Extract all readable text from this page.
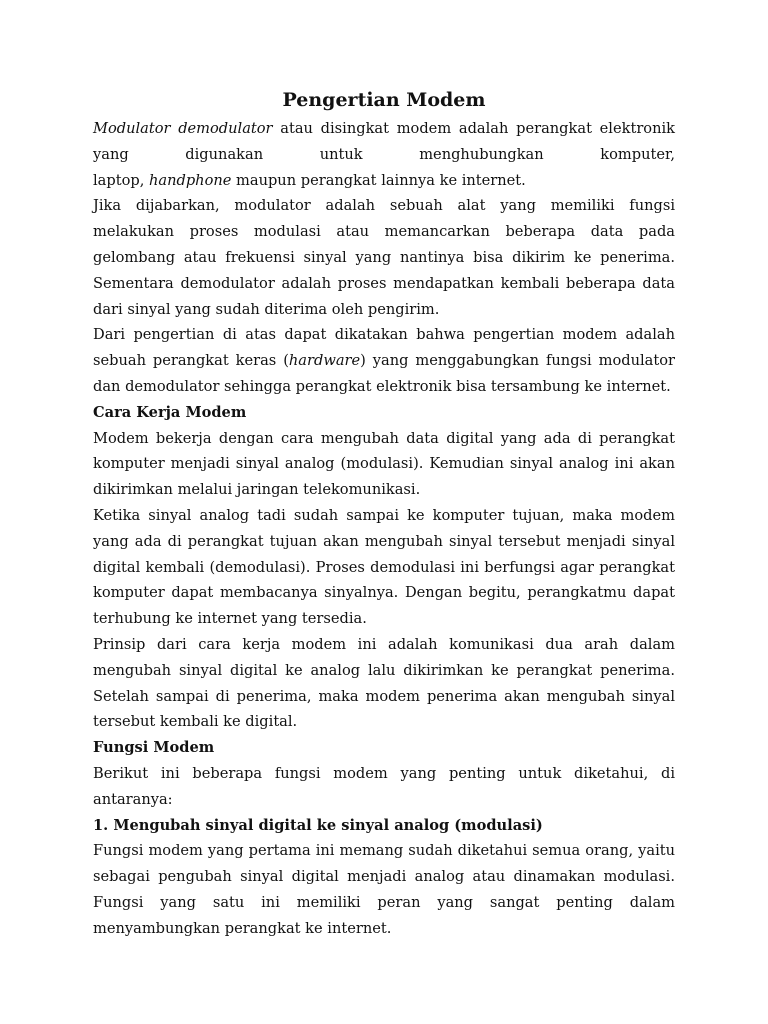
Pengertian Modem
Modulator demodulator atau disingkat modem adalah perangkat elektronik yang digunakan untuk menghubungkan komputer,
laptop, handphone maupun perangkat lainnya ke internet.

Jika dijabarkan, modulator adalah sebuah alat yang memiliki fungsi melakukan proses modulasi atau memancarkan beberapa data pada gelombang atau frekuensi sinyal yang nantinya bisa dikirim ke penerima. Sementara demodulator adalah proses mendapatkan kembali beberapa data dari sinyal yang sudah diterima oleh pengirim.

Dari pengertian di atas dapat dikatakan bahwa pengertian modem adalah sebuah perangkat keras (hardware) yang menggabungkan fungsi modulator dan demodulator sehingga perangkat elektronik bisa tersambung ke internet.

Cara Kerja Modem

Modem bekerja dengan cara mengubah data digital yang ada di perangkat komputer menjadi sinyal analog (modulasi). Kemudian sinyal analog ini akan dikirimkan melalui jaringan telekomunikasi.

Ketika sinyal analog tadi sudah sampai ke komputer tujuan, maka modem yang ada di perangkat tujuan akan mengubah sinyal tersebut menjadi sinyal digital kembali (demodulasi). Proses demodulasi ini berfungsi agar perangkat komputer dapat membacanya sinyalnya. Dengan begitu, perangkatmu dapat terhubung ke internet yang tersedia.

Prinsip dari cara kerja modem ini adalah komunikasi dua arah dalam mengubah sinyal digital ke analog lalu dikirimkan ke perangkat penerima. Setelah sampai di penerima, maka modem penerima akan mengubah sinyal tersebut kembali ke digital.

Fungsi Modem

Berikut ini beberapa fungsi modem yang penting untuk diketahui, di antaranya:

1. Mengubah sinyal digital ke sinyal analog (modulasi)

Fungsi modem yang pertama ini memang sudah diketahui semua orang, yaitu sebagai pengubah sinyal digital menjadi analog atau dinamakan modulasi. Fungsi yang satu ini memiliki peran yang sangat penting dalam menyambungkan perangkat ke internet.
